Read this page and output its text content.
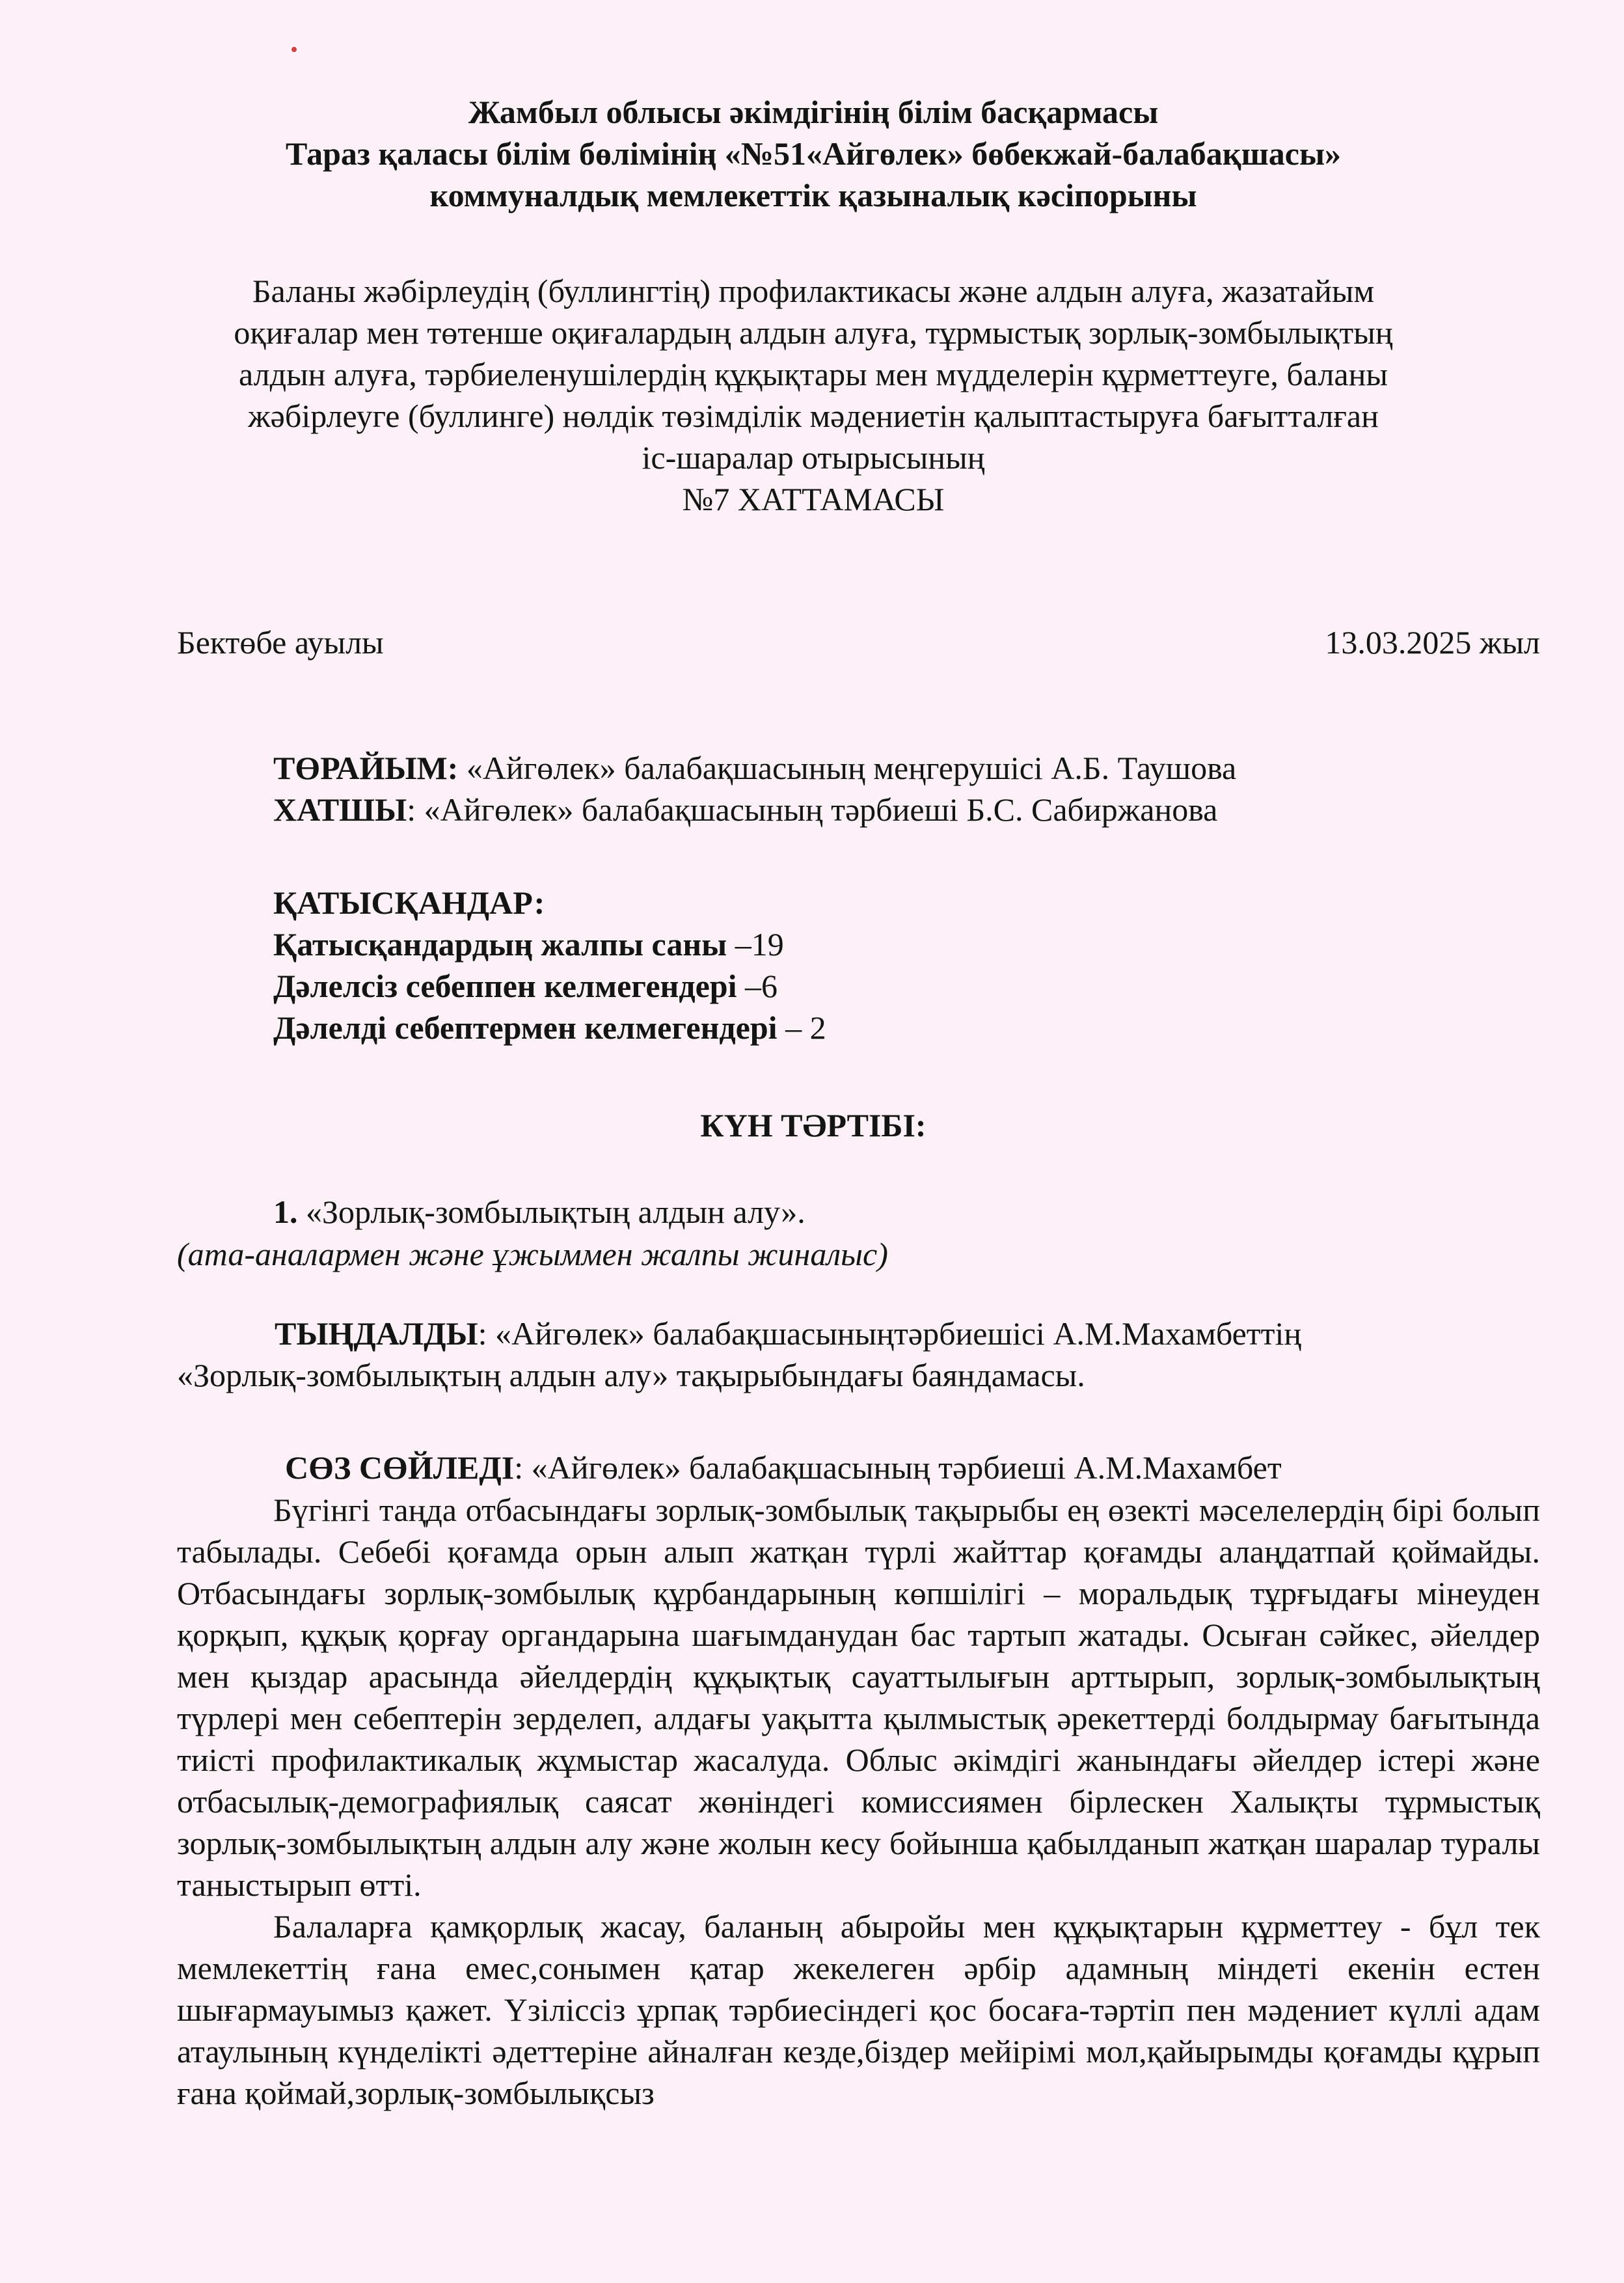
Жамбыл облысы әкімдігінің білім басқармасы
Тараз қаласы білім бөлімінің «№51«Айгөлек» бөбекжай-балабақшасы»
коммуналдық мемлекеттік қазыналық кәсіпорыны
Баланы жәбірлеудің (буллингтің) профилактикасы және алдын алуға, жазатайым
оқиғалар мен төтенше оқиғалардың алдын алуға, тұрмыстық зорлық-зомбылықтың
алдын алуға, тәрбиеленушілердің құқықтары мен мүдделерін құрметтеуге, баланы
жәбірлеуге (буллинге) нөлдік төзімділік мәдениетін қалыптастыруға бағытталған
іс-шаралар отырысының
№7 ХАТТАМАСЫ
Бектөбе ауылы	13.03.2025 жыл
ТӨРАЙЫМ: «Айгөлек» балабақшасының меңгерушісі А.Б. Таушова
ХАТШЫ: «Айгөлек» балабақшасының тәрбиеші Б.С. Сабиржанова
ҚАТЫСҚАНДАР:
Қатысқандардың жалпы саны –19
Дәлелсіз себеппен келмегендері –6
Дәлелді себептермен келмегендері – 2
КҮН ТӘРТІБІ:
1. «Зорлық-зомбылықтың алдын алу».
(ата-аналармен және ұжыммен жалпы жиналыс)
ТЫҢДАЛДЫ: «Айгөлек» балабақшасыныңтәрбиешісі А.М.Махамбеттің
«Зорлық-зомбылықтың алдын алу» тақырыбындағы баяндамасы.
СӨЗ СӨЙЛЕДІ: «Айгөлек» балабақшасының тәрбиеші А.М.Махамбет

Бүгінгі таңда отбасындағы зорлық-зомбылық тақырыбы ең өзекті мәселелердің бірі болып табылады. Себебі қоғамда орын алып жатқан түрлі жайттар қоғамды алаңдатпай қоймайды. Отбасындағы зорлық-зомбылық құрбандарының көпшілігі – моральдық тұрғыдағы мінеуден қорқып, құқық қорғау органдарына шағымданудан бас тартып жатады. Осыған сәйкес, әйелдер мен қыздар арасында әйелдердің құқықтық сауаттылығын арттырып, зорлық-зомбылықтың түрлері мен себептерін зерделеп, алдағы уақытта қылмыстық әрекеттерді болдырмау бағытында тиісті профилактикалық жұмыстар жасалуда. Облыс әкімдігі жанындағы әйелдер істері және отбасылық-демографиялық саясат жөніндегі комиссиямен бірлескен Халықты тұрмыстық зорлық-зомбылықтың алдын алу және жолын кесу бойынша қабылданып жатқан шаралар туралы таныстырып өтті.

Балаларға қамқорлық жасау, баланың абыройы мен құқықтарын құрметтеу - бұл тек мемлекеттің ғана емес,сонымен қатар жекелеген әрбір адамның міндеті екенін естен шығармауымыз қажет. Үзіліссіз ұрпақ тәрбиесіндегі қос босаға-тәртіп пен мәдениет күллі адам атаулының күнделікті әдеттеріне айналған кезде,біздер мейірімі мол,қайырымды қоғамды құрып ғана қоймай,зорлық-зомбылықсыз
